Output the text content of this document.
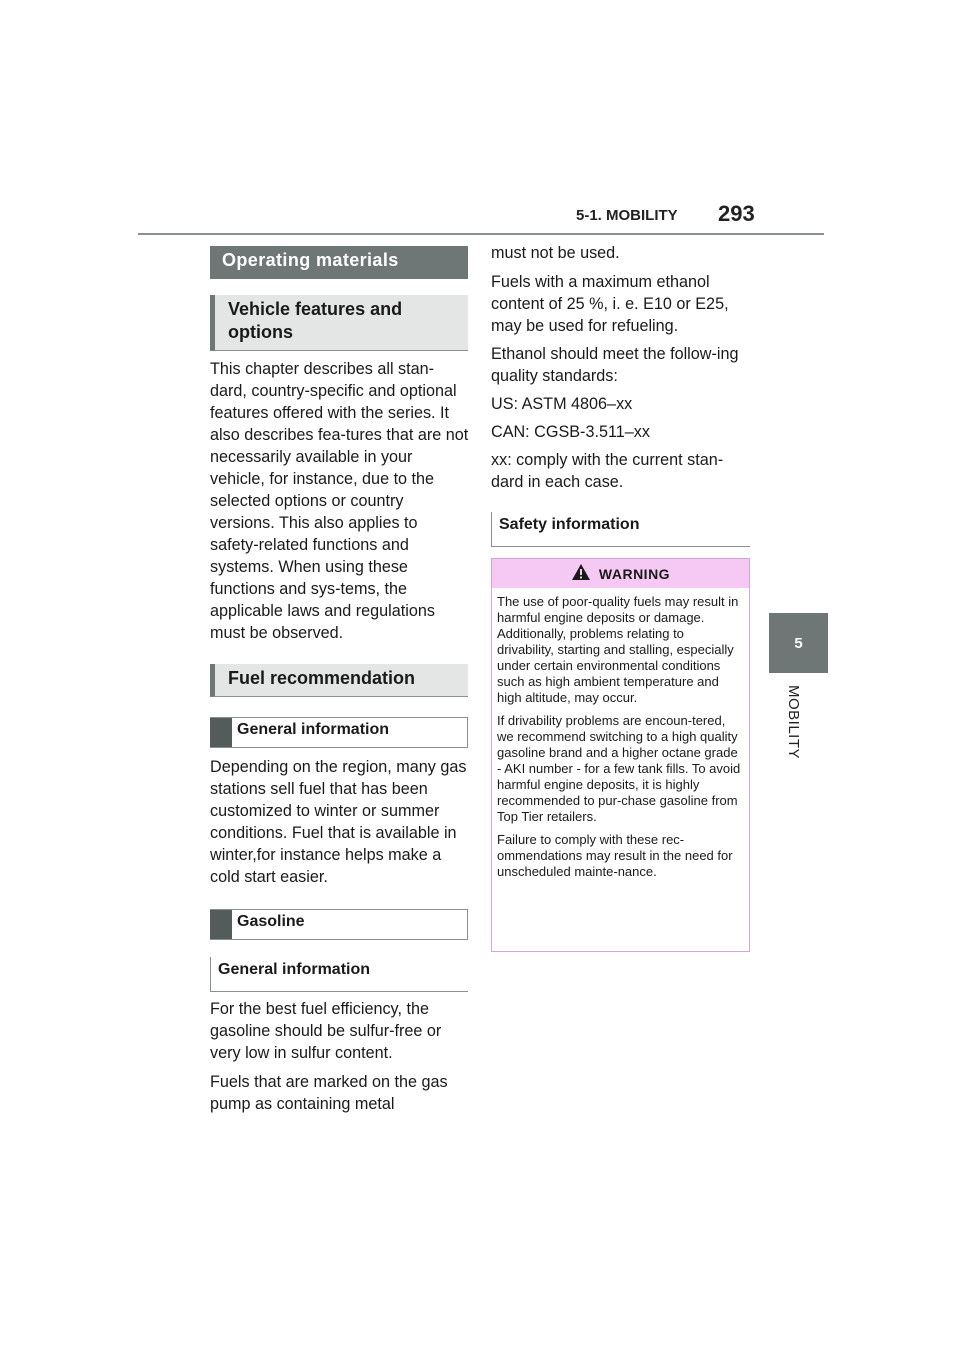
5-1. MOBILITY 293
5
MOBILITY
Operating materials
Vehicle features and options

This chapter describes all stan-dard, country-specific and optional features offered with the series. It also describes fea-tures that are not necessarily available in your vehicle, for instance, due to the selected options or country versions. This also applies to safety-related functions and systems. When using these functions and sys-tems, the applicable laws and regulations must be observed.

Fuel recommendation
General information

Depending on the region, many gas stations sell fuel that has been customized to winter or summer conditions. Fuel that is available in winter,for instance helps make a cold start easier.

Gasoline
General information

For the best fuel efficiency, the gasoline should be sulfur-free or very low in sulfur content.

Fuels that are marked on the gas pump as containing metal

must not be used.

Fuels with a maximum ethanol content of 25 %, i. e. E10 or E25, may be used for refueling.

Ethanol should meet the follow-ing quality standards:

US: ASTM 4806–xx

CAN: CGSB-3.511–xx

xx: comply with the current stan-dard in each case.

Safety information
WARNING

The use of poor-quality fuels may result in harmful engine deposits or damage. Additionally, problems relating to drivability, starting and stalling, especially under certain environmental conditions such as high ambient temperature and high altitude, may occur.

If drivability problems are encoun-tered, we recommend switching to a high quality gasoline brand and a higher octane grade - AKI number - for a few tank fills. To avoid harmful engine deposits, it is highly recommended to pur-chase gasoline from Top Tier retailers.

Failure to comply with these rec-ommendations may result in the need for unscheduled mainte-nance.
